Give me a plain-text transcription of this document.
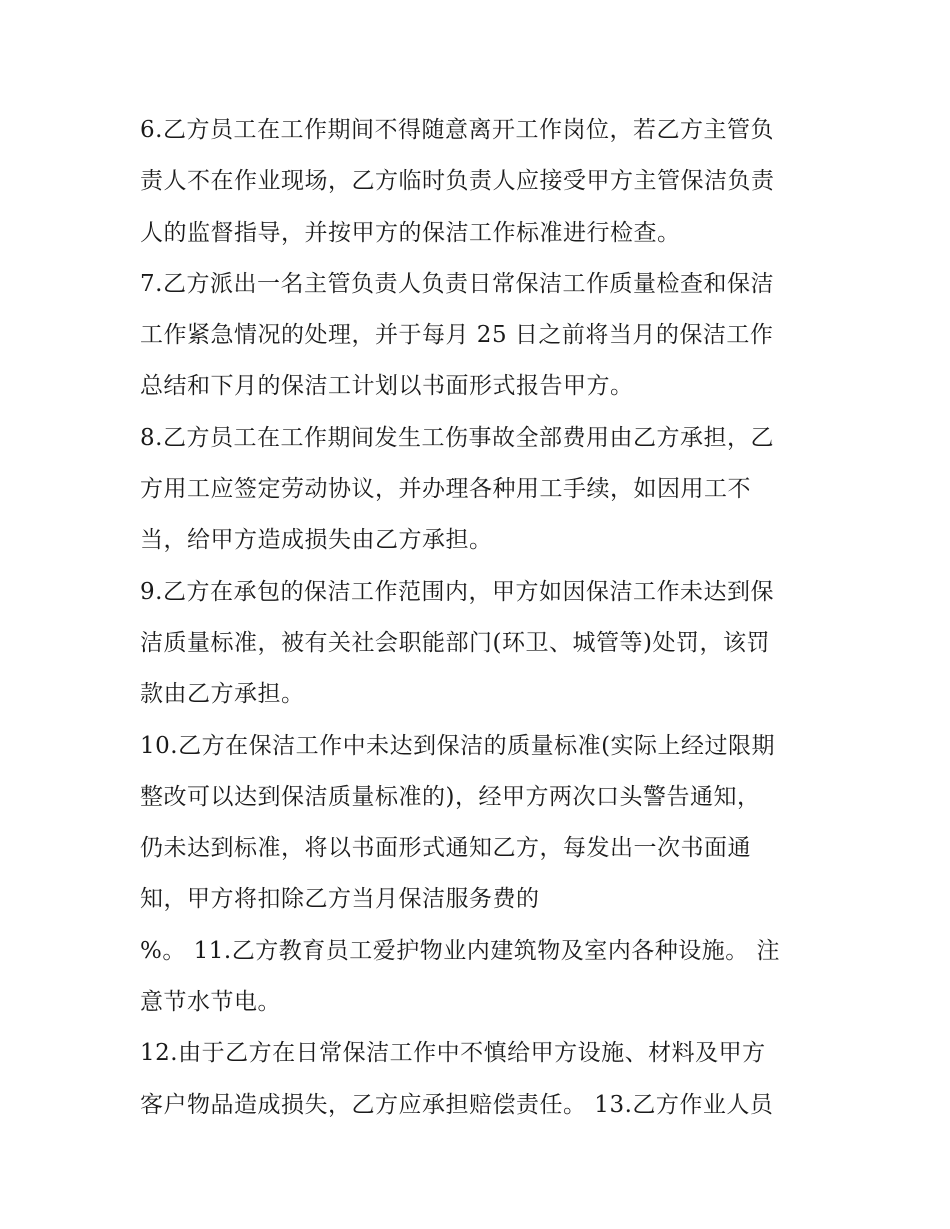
6.乙方员工在工作期间不得随意离开工作岗位，若乙方主管负
责人不在作业现场，乙方临时负责人应接受甲方主管保洁负责
人的监督指导，并按甲方的保洁工作标准进行检查。
7.乙方派出一名主管负责人负责日常保洁工作质量检查和保洁
工作紧急情况的处理，并于每月 25 日之前将当月的保洁工作
总结和下月的保洁工计划以书面形式报告甲方。
8.乙方员工在工作期间发生工伤事故全部费用由乙方承担，乙
方用工应签定劳动协议，并办理各种用工手续，如因用工不
当，给甲方造成损失由乙方承担。
9.乙方在承包的保洁工作范围内，甲方如因保洁工作未达到保
洁质量标准，被有关社会职能部门(环卫、城管等)处罚，该罚
款由乙方承担。
10.乙方在保洁工作中未达到保洁的质量标准(实际上经过限期
整改可以达到保洁质量标准的)，经甲方两次口头警告通知，
仍未达到标准，将以书面形式通知乙方，每发出一次书面通
知，甲方将扣除乙方当月保洁服务费的
%。 11.乙方教育员工爱护物业内建筑物及室内各种设施。 注
意节水节电。
12.由于乙方在日常保洁工作中不慎给甲方设施、材料及甲方
客户物品造成损失，乙方应承担赔偿责任。 13.乙方作业人员
